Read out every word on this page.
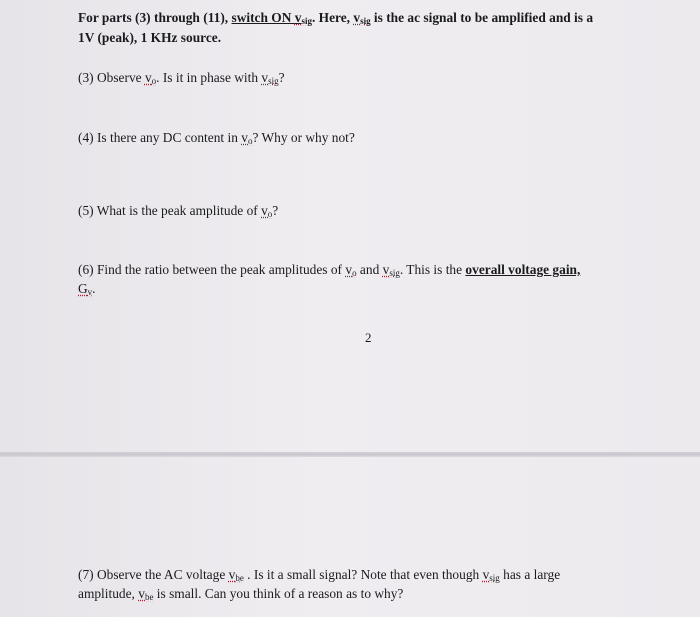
For parts (3) through (11), switch ON $v_{sig}$. Here, $v_{sig}$ is the ac signal to be amplified and is a
1V (peak), 1 KHz source.
(3) Observe $v_o$. Is it in phase with $v_{sig}$?
(4) Is there any DC content in $v_o$? Why or why not?
(5) What is the peak amplitude of $v_o$?
(6) Find the ratio between the peak amplitudes of $v_o$ and $v_{sig}$. This is the overall voltage gain,
$G_v$.
2
(7) Observe the AC voltage $v_{be}$ . Is it a small signal? Note that even though $v_{sig}$ has a large
amplitude, $v_{be}$ is small. Can you think of a reason as to why?
